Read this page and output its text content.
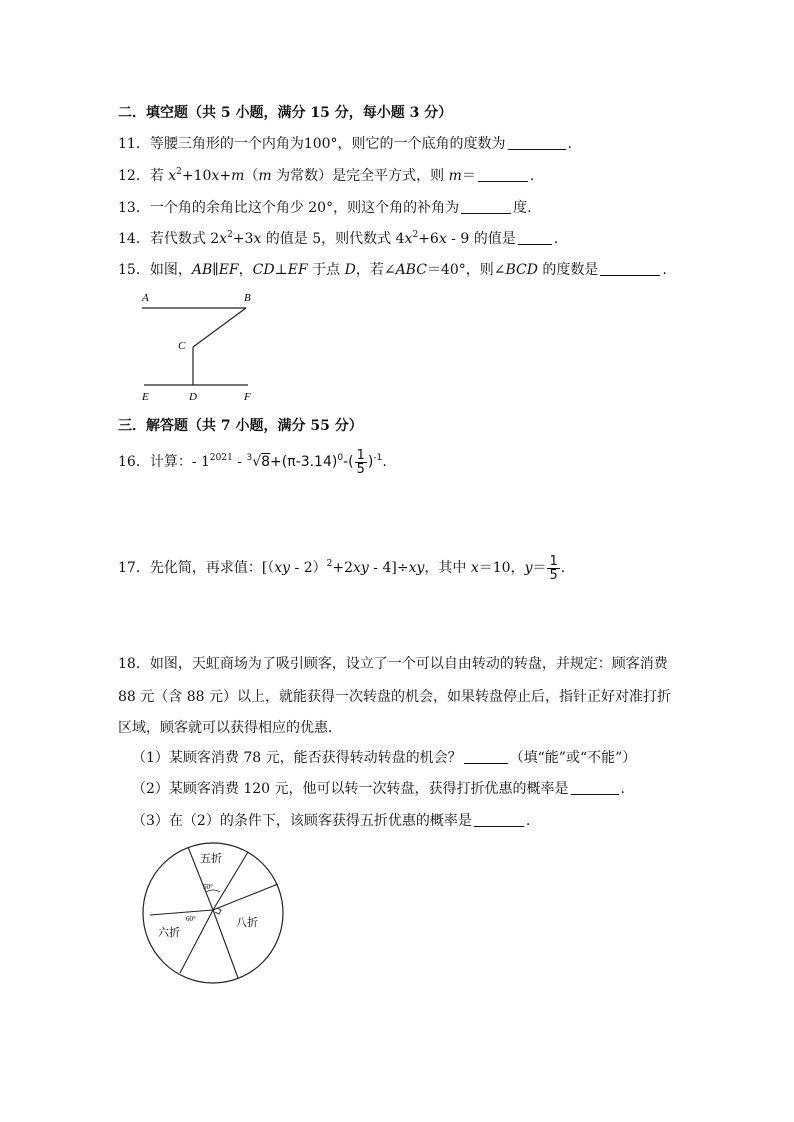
二．填空题（共 5 小题，满分 15 分，每小题 3 分）
11．等腰三角形的一个内角为100°，则它的一个底角的度数为	.
12．若 $x^2+10x+m(m$ 为常数）是完全平方式，则 m＝	.
13．一个角的余角比这个角少 20°，则这个角的补角为	度.
14．若代数式 $2x^2+3x$ 的值是 5，则代数式 $4x^2+6x - 9$ 的值是	.
15．如图，AB∥EF，CD⊥EF 于点 D，若∠ABC＝40°，则∠BCD 的度数是	.
A	B
C
E	D	F
三．解答题（共 7 小题，满分 55 分）
16．计算：- $1^{2021} - ^3√8+(\pi-3.14)^0-( \frac{1}{5} )^{-1}$.
17．先化简，再求值：[（xy - 2）$^2$+2xy - 4]÷xy，其中 x＝10，$y= \frac{1}{5}$ .
18．如图，天虹商场为了吸引顾客，设立了一个可以自由转动的转盘，并规定：顾客消费
88 元（含 88 元）以上，就能获得一次转盘的机会，如果转盘停止后，指针正好对准打折
区域，顾客就可以获得相应的优惠．
（1）某顾客消费 78 元，能否获得转动转盘的机会？	（填“能”或“不能”）
（2）某顾客消费 120 元，他可以转一次转盘，获得打折优惠的概率是	.
（3）在（2）的条件下，该顾客获得五折优惠的概率是	.
五折
八折
六折
50°
60°
